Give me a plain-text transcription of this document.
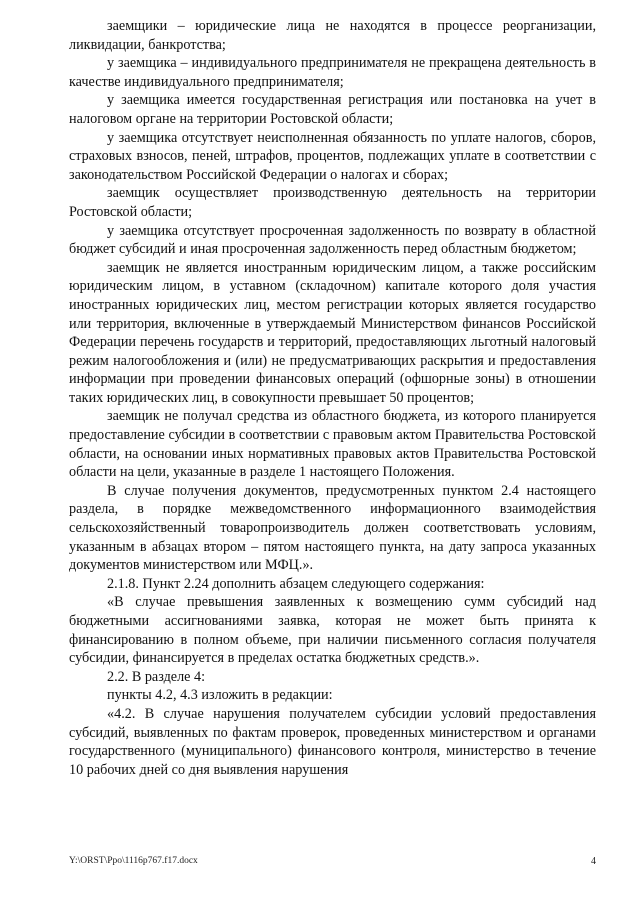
заемщики – юридические лица не находятся в процессе реорганизации, ликвидации, банкротства;

у заемщика – индивидуального предпринимателя не прекращена деятельность в качестве индивидуального предпринимателя;

у заемщика имеется государственная регистрация или постановка на учет в налоговом органе на территории Ростовской области;

у заемщика отсутствует неисполненная обязанность по уплате налогов, сборов, страховых взносов, пеней, штрафов, процентов, подлежащих уплате в соответствии с законодательством Российской Федерации о налогах и сборах;

заемщик осуществляет производственную деятельность на территории Ростовской области;

у заемщика отсутствует просроченная задолженность по возврату в областной бюджет субсидий и иная просроченная задолженность перед областным бюджетом;

заемщик не является иностранным юридическим лицом, а также российским юридическим лицом, в уставном (складочном) капитале которого доля участия иностранных юридических лиц, местом регистрации которых является государство или территория, включенные в утверждаемый Министерством финансов Российской Федерации перечень государств и территорий, предоставляющих льготный налоговый режим налогообложения и (или) не предусматривающих раскрытия и предоставления информации при проведении финансовых операций (офшорные зоны) в отношении таких юридических лиц, в совокупности превышает 50 процентов;

заемщик не получал средства из областного бюджета, из которого планируется предоставление субсидии в соответствии с правовым актом Правительства Ростовской области, на основании иных нормативных правовых актов Правительства Ростовской области на цели, указанные в разделе 1 настоящего Положения.

В случае получения документов, предусмотренных пунктом 2.4 настоящего раздела, в порядке межведомственного информационного взаимодействия сельскохозяйственный товаропроизводитель должен соответствовать условиям, указанным в абзацах втором – пятом настоящего пункта, на дату запроса указанных документов министерством или МФЦ.».

2.1.8. Пункт 2.24 дополнить абзацем следующего содержания:

«В случае превышения заявленных к возмещению сумм субсидий над бюджетными ассигнованиями заявка, которая не может быть принята к финансированию в полном объеме, при наличии письменного согласия получателя субсидии, финансируется в пределах остатка бюджетных средств.».

2.2. В разделе 4:

пункты 4.2, 4.3 изложить в редакции:

«4.2. В случае нарушения получателем субсидии условий предоставления субсидий, выявленных по фактам проверок, проведенных министерством и органами государственного (муниципального) финансового контроля, министерство в течение 10 рабочих дней со дня выявления нарушения

Y:\ORST\Ppo\1116p767.f17.docx	4
